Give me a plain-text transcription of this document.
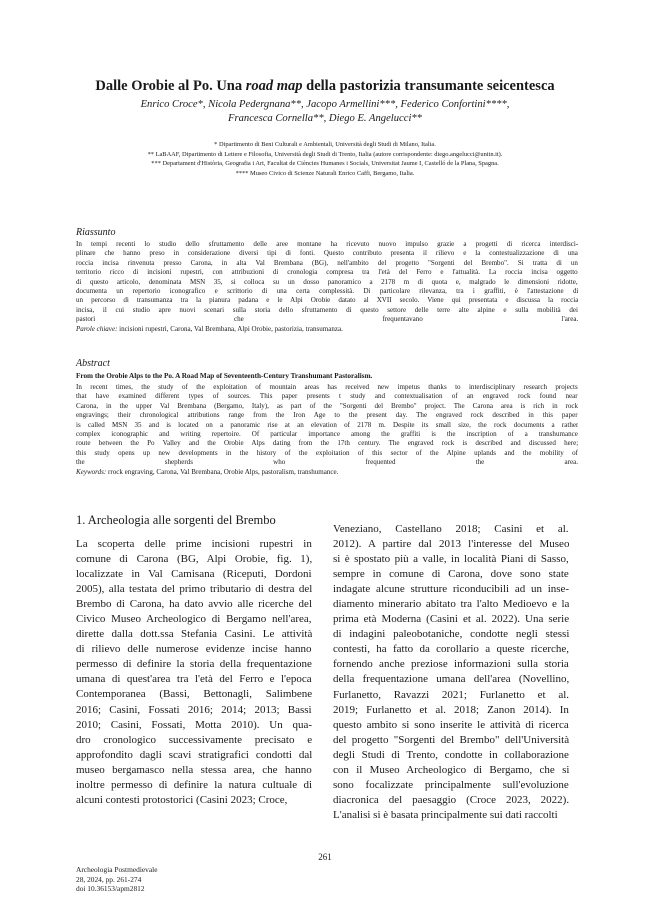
Dalle Orobie al Po. Una road map della pastorizia transumante seicentesca
Enrico Croce*, Nicola Pedergnana**, Jacopo Armellini***, Federico Confortini****,
Francesca Cornella**, Diego E. Angelucci**
* Dipartimento di Beni Culturali e Ambientali, Università degli Studi di Milano, Italia.
** LaBAAF, Dipartimento di Lettere e Filosofia, Università degli Studi di Trento, Italia (autore corrispondente: diego.angelucci@unitn.it).
*** Departament d'Història, Geografia i Art, Facultat de Ciències Humanes i Socials, Universitat Jaume I, Castelló de la Plana, Spagna.
**** Museo Civico di Scienze Naturali Enrico Caffi, Bergamo, Italia.
Riassunto
In tempi recenti lo studio dello sfruttamento delle aree montane ha ricevuto nuovo impulso grazie a progetti di ricerca interdisci-
plinare che hanno preso in considerazione diversi tipi di fonti. Questo contributo presenta il rilievo e la contestualizzazione di una
roccia incisa rinvenuta presso Carona, in alta Val Brembana (BG), nell'ambito del progetto "Sorgenti del Brembo". Si tratta di un
territorio ricco di incisioni rupestri, con attribuzioni di cronologia compresa tra l'età del Ferro e l'attualità. La roccia incisa oggetto
di questo articolo, denominata MSN 35, si colloca su un dosso panoramico a 2178 m di quota e, malgrado le dimensioni ridotte,
documenta un repertorio iconografico e scrittorio di una certa complessità. Di particolare rilevanza, tra i graffiti, è l'attestazione di
un percorso di transumanza tra la pianura padana e le Alpi Orobie datato al XVII secolo. Viene qui presentata e discussa la roccia
incisa, il cui studio apre nuovi scenari sulla storia dello sfruttamento di questo settore delle terre alte alpine e sulla mobilità dei
pastori che frequentavano l'area.
Parole chiave: incisioni rupestri, Carona, Val Brembana, Alpi Orobie, pastorizia, transumanza.
Abstract
From the Orobie Alps to the Po. A Road Map of Seventeenth-Century Transhumant Pastoralism.
In recent times, the study of the exploitation of mountain areas has received new impetus thanks to interdisciplinary research projects
that have examined different types of sources. This paper presents t study and contextualisation of an engraved rock found near
Carona, in the upper Val Brembana (Bergamo, Italy), as part of the "Sorgenti del Brembo" project. The Carona area is rich in rock
engravings; their chronological attributions range from the Iron Age to the present day. The engraved rock described in this paper
is called MSN 35 and is located on a panoramic rise at an elevation of 2178 m. Despite its small size, the rock documents a rather
complex iconographic and writing repertoire. Of particular importance among the graffiti is the inscription of a transhumance
route between the Po Valley and the Orobie Alps dating from the 17th century. The engraved rock is described and discussed here;
this study opens up new developments in the history of the exploitation of this sector of the Alpine uplands and the mobility of
the shepherds who frequented the area.
Keywords: rrock engraving, Carona, Val Brembana, Orobie Alps, pastoralism, transhumance.
1. Archeologia alle sorgenti del Brembo
La scoperta delle prime incisioni rupestri in
comune di Carona (BG, Alpi Orobie, fig. 1),
localizzate in Val Camisana (Riceputi, Dordoni
2005), alla testata del primo tributario di destra del
Brembo di Carona, ha dato avvio alle ricerche del
Civico Museo Archeologico di Bergamo nell'area,
dirette dalla dott.ssa Stefania Casini. Le attività
di rilievo delle numerose evidenze incise hanno
permesso di definire la storia della frequentazione
umana di quest'area tra l'età del Ferro e l'epoca
Contemporanea (Bassi, Bettonagli, Salimbene
2016; Casini, Fossati 2016; 2014; 2013; Bassi
2010; Casini, Fossati, Motta 2010). Un qua-
dro cronologico successivamente precisato e
approfondito dagli scavi stratigrafici condotti dal
museo bergamasco nella stessa area, che hanno
inoltre permesso di definire la natura cultuale di
alcuni contesti protostorici (Casini 2023; Croce,
Veneziano, Castellano 2018; Casini et al.
2012). A partire dal 2013 l'interesse del Museo
si è spostato più a valle, in località Piani di Sasso,
sempre in comune di Carona, dove sono state
indagate alcune strutture riconducibili ad un inse-
diamento minerario abitato tra l'alto Medioevo e la
prima età Moderna (Casini et al. 2022). Una serie
di indagini paleobotaniche, condotte negli stessi
contesti, ha fatto da corollario a queste ricerche,
fornendo anche preziose informazioni sulla storia
della frequentazione umana dell'area (Novellino,
Furlanetto, Ravazzi 2021; Furlanetto et al.
2019; Furlanetto et al. 2018; Zanon 2014). In
questo ambito si sono inserite le attività di ricerca
del progetto "Sorgenti del Brembo" dell'Università
degli Studi di Trento, condotte in collaborazione
con il Museo Archeologico di Bergamo, che si
sono focalizzate principalmente sull'evoluzione
diacronica del paesaggio (Croce 2023, 2022).
L'analisi si è basata principalmente sui dati raccolti
261
Archeologia Postmedievale
28, 2024, pp. 261-274
doi 10.36153/apm2812
